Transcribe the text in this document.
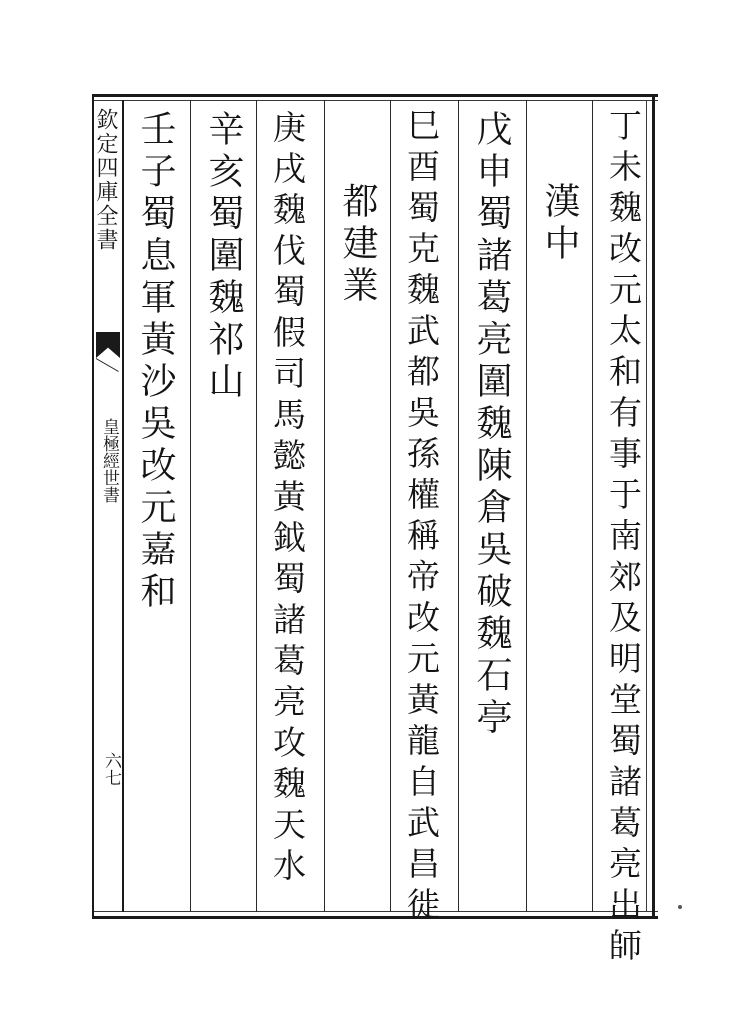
欽定四庫全書
皇極經世書
六七	丁未魏改元太和有事于南郊及明堂蜀諸葛亮出師
漢中
戊申蜀諸葛亮圍魏陳倉吳破魏石亭
巳酉蜀克魏武都吳孫權稱帝改元黃龍自武昌徙
都建業
庚戌魏伐蜀假司馬懿黃鉞蜀諸葛亮攻魏天水
辛亥蜀圍魏祁山
壬子蜀息軍黃沙吳改元嘉和
